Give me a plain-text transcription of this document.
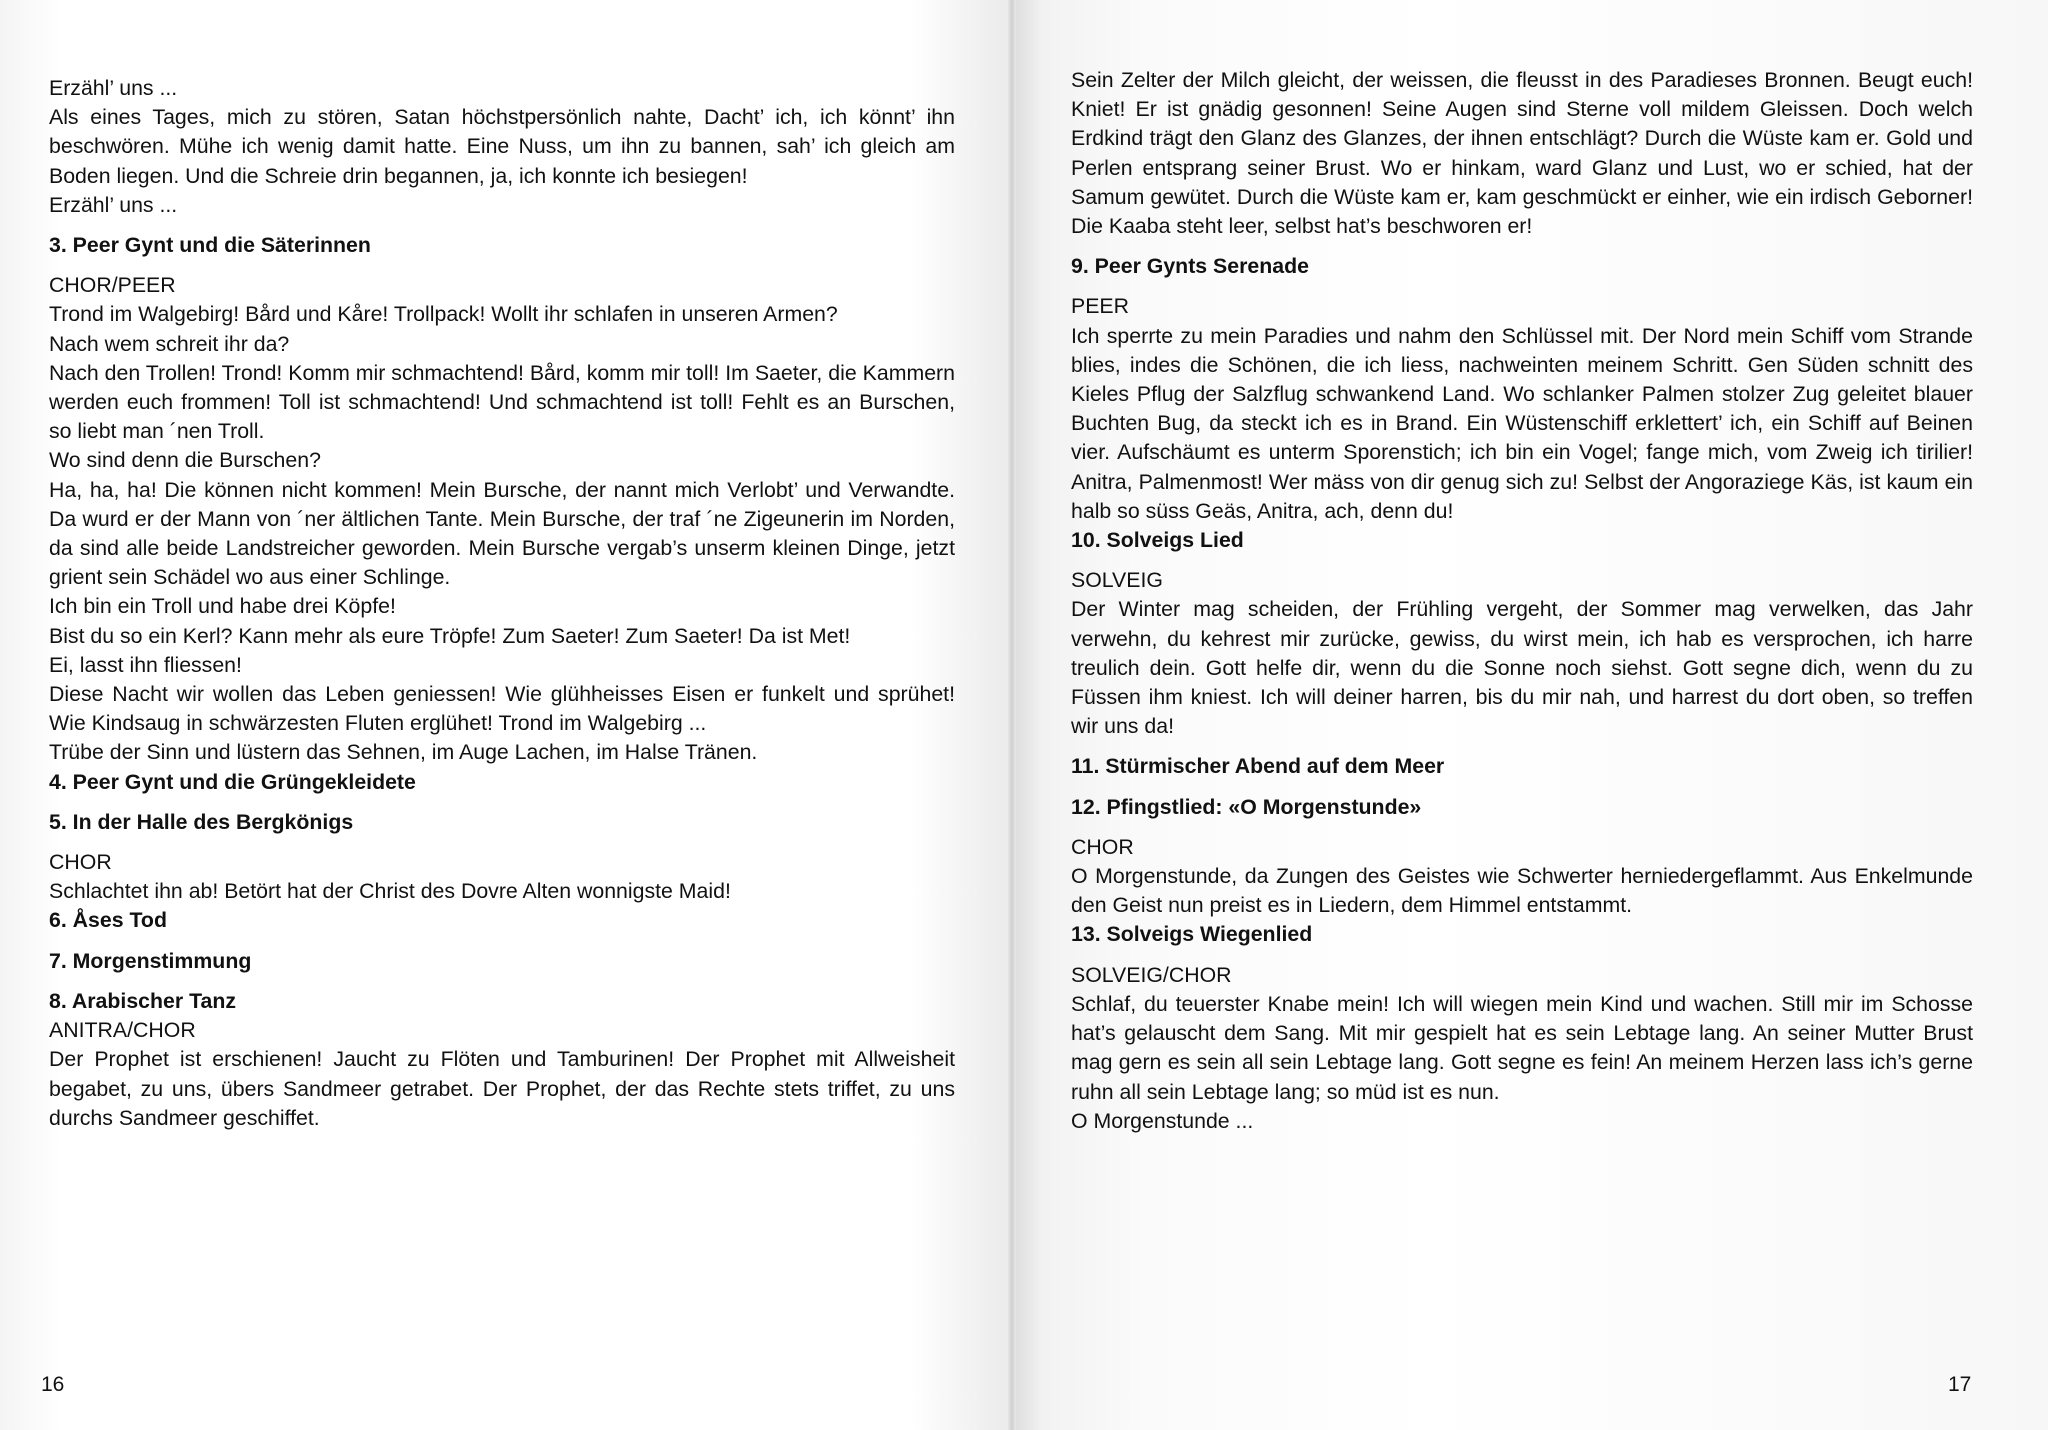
Erzähl’ uns ...

Als eines Tages, mich zu stören, Satan höchstpersönlich nahte, Dacht’ ich, ich könnt’ ihn beschwören. Mühe ich wenig damit hatte. Eine Nuss, um ihn zu bannen, sah’ ich gleich am Boden liegen. Und die Schreie drin begannen, ja, ich konnte ich besiegen!

Erzähl’ uns ...

3. Peer Gynt und die Säterinnen

CHOR/PEER

Trond im Walgebirg! Bård und Kåre! Trollpack! Wollt ihr schlafen in unseren Armen?

Nach wem schreit ihr da?

Nach den Trollen! Trond! Komm mir schmachtend! Bård, komm mir toll! Im Saeter, die Kammern werden euch frommen! Toll ist schmachtend! Und schmachtend ist toll! Fehlt es an Burschen, so liebt man ´nen Troll.

Wo sind denn die Burschen?

Ha, ha, ha! Die können nicht kommen! Mein Bursche, der nannt mich Verlobt’ und Verwandte. Da wurd er der Mann von ´ner ältlichen Tante. Mein Bursche, der traf ´ne Zigeunerin im Norden, da sind alle beide Landstreicher geworden. Mein Bursche vergab’s unserm kleinen Dinge, jetzt grient sein Schädel wo aus einer Schlinge.

Ich bin ein Troll und habe drei Köpfe!

Bist du so ein Kerl? Kann mehr als eure Tröpfe! Zum Saeter! Zum Saeter! Da ist Met!

Ei, lasst ihn fliessen!

Diese Nacht wir wollen das Leben geniessen! Wie glühheisses Eisen er funkelt und sprühet! Wie Kindsaug in schwärzesten Fluten erglühet! Trond im Walgebirg ...

Trübe der Sinn und lüstern das Sehnen, im Auge Lachen, im Halse Tränen.

4. Peer Gynt und die Grüngekleidete

5. In der Halle des Bergkönigs

CHOR

Schlachtet ihn ab! Betört hat der Christ des Dovre Alten wonnigste Maid!

6. Åses Tod

7. Morgenstimmung

8. Arabischer Tanz

ANITRA/CHOR

Der Prophet ist erschienen! Jaucht zu Flöten und Tamburinen! Der Prophet mit Allweisheit begabet, zu uns, übers Sandmeer getrabet. Der Prophet, der das Rechte stets triffet, zu uns durchs Sandmeer geschiffet.

Sein Zelter der Milch gleicht, der weissen, die fleusst in des Paradieses Bronnen. Beugt euch! Kniet! Er ist gnädig gesonnen! Seine Augen sind Sterne voll mildem Gleissen. Doch welch Erdkind trägt den Glanz des Glanzes, der ihnen entschlägt? Durch die Wüste kam er. Gold und Perlen entsprang seiner Brust. Wo er hinkam, ward Glanz und Lust, wo er schied, hat der Samum gewütet. Durch die Wüste kam er, kam geschmückt er einher, wie ein irdisch Geborner! Die Kaaba steht leer, selbst hat’s beschworen er!

9. Peer Gynts Serenade

PEER

Ich sperrte zu mein Paradies und nahm den Schlüssel mit. Der Nord mein Schiff vom Strande blies, indes die Schönen, die ich liess, nachweinten meinem Schritt. Gen Süden schnitt des Kieles Pflug der Salzflug schwankend Land. Wo schlanker Palmen stolzer Zug geleitet blauer Buchten Bug, da steckt ich es in Brand. Ein Wüstenschiff erklettert’ ich, ein Schiff auf Beinen vier. Aufschäumt es unterm Sporenstich; ich bin ein Vogel; fange mich, vom Zweig ich tirilier! Anitra, Palmenmost! Wer mäss von dir genug sich zu! Selbst der Angoraziege Käs, ist kaum ein halb so süss Geäs, Anitra, ach, denn du!

10. Solveigs Lied

SOLVEIG

Der Winter mag scheiden, der Frühling vergeht, der Sommer mag verwelken, das Jahr verwehn, du kehrest mir zurücke, gewiss, du wirst mein, ich hab es versprochen, ich harre treulich dein. Gott helfe dir, wenn du die Sonne noch siehst. Gott segne dich, wenn du zu Füssen ihm kniest. Ich will deiner harren, bis du mir nah, und harrest du dort oben, so treffen wir uns da!

11. Stürmischer Abend auf dem Meer

12. Pfingstlied: «O Morgenstunde»

CHOR

O Morgenstunde, da Zungen des Geistes wie Schwerter herniedergeflammt. Aus Enkelmunde den Geist nun preist es in Liedern, dem Himmel entstammt.

13. Solveigs Wiegenlied

SOLVEIG/CHOR

Schlaf, du teuerster Knabe mein! Ich will wiegen mein Kind und wachen. Still mir im Schosse hat’s gelauscht dem Sang. Mit mir gespielt hat es sein Lebtage lang. An seiner Mutter Brust mag gern es sein all sein Lebtage lang. Gott segne es fein! An meinem Herzen lass ich’s gerne ruhn all sein Lebtage lang; so müd ist es nun.

O Morgenstunde ...

16	17
